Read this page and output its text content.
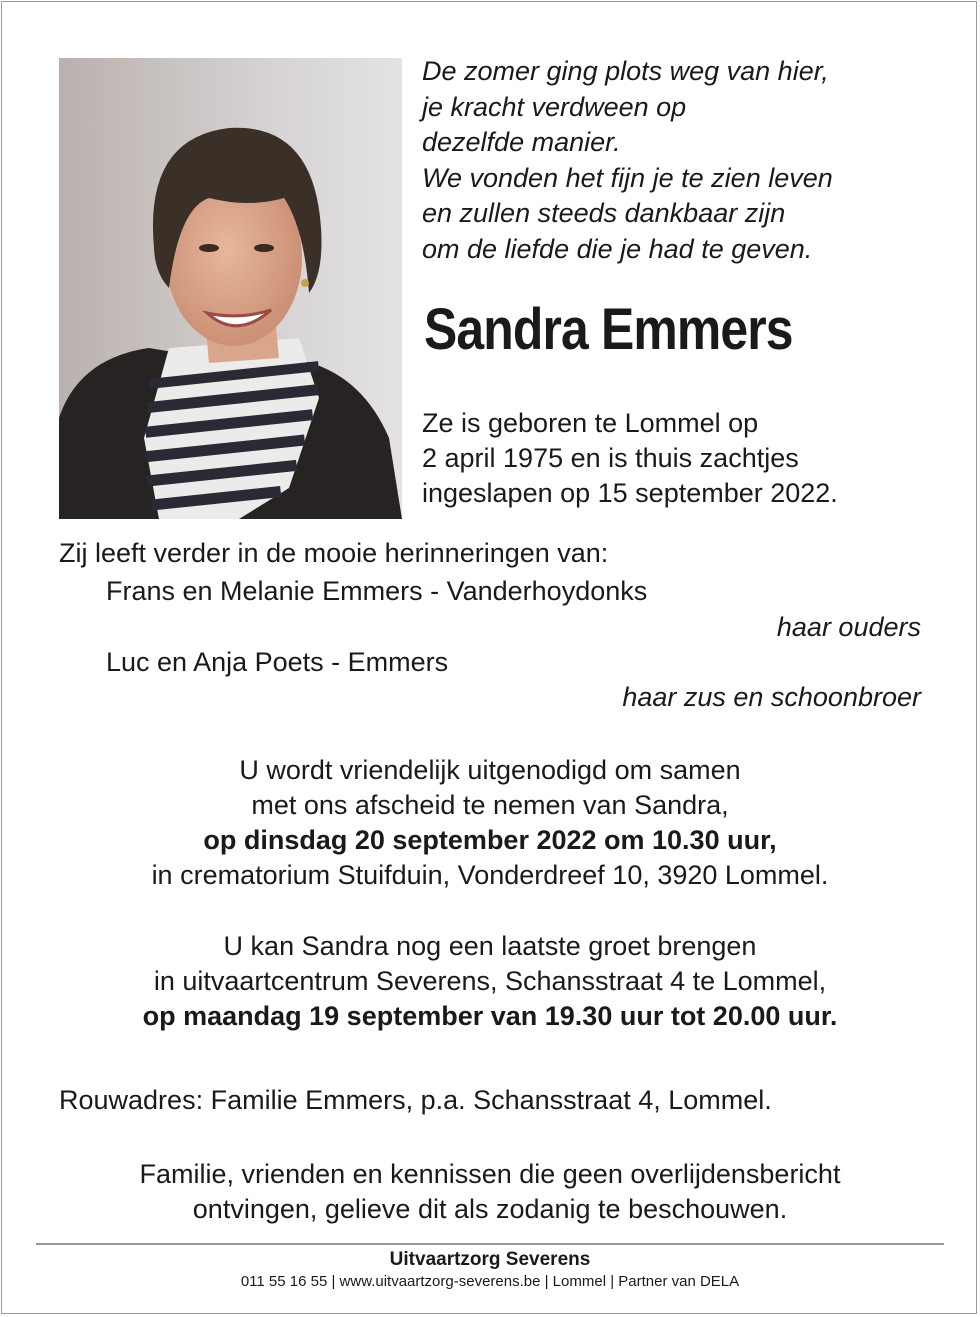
De zomer ging plots weg van hier,
je kracht verdween op
dezelfde manier.
We vonden het fijn je te zien leven
en zullen steeds dankbaar zijn
om de liefde die je had te geven.
Sandra Emmers
Ze is geboren te Lommel op
2 april 1975 en is thuis zachtjes
ingeslapen op 15 september 2022.
Zij leeft verder in de mooie herinneringen van:
Frans en Melanie Emmers - Vanderhoydonks
haar ouders
Luc en Anja Poets - Emmers
haar zus en schoonbroer
U wordt vriendelijk uitgenodigd om samen
met ons afscheid te nemen van Sandra,
op dinsdag 20 september 2022 om 10.30 uur,
in crematorium Stuifduin, Vonderdreef 10, 3920 Lommel.
U kan Sandra nog een laatste groet brengen
in uitvaartcentrum Severens, Schansstraat 4 te Lommel,
op maandag 19 september van 19.30 uur tot 20.00 uur.
Rouwadres: Familie Emmers, p.a. Schansstraat 4, Lommel.
Familie, vrienden en kennissen die geen overlijdensbericht
ontvingen, gelieve dit als zodanig te beschouwen.
Uitvaartzorg Severens
011 55 16 55 | www.uitvaartzorg-severens.be | Lommel | Partner van DELA
